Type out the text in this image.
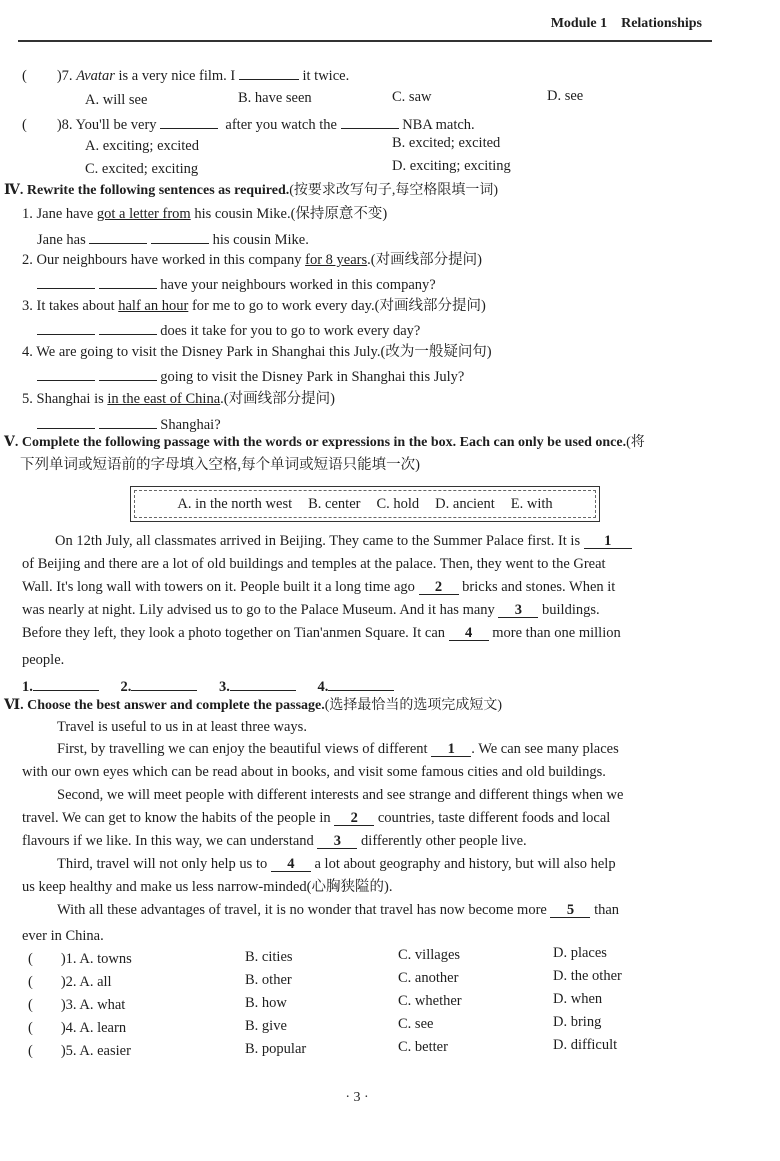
Module 1 Relationships
( )7. Avatar is a very nice film. I	it twice.
A. will see	B. have seen	C. saw	D. see
( )8. You'll be very	after you watch the	NBA match.
A. exciting; excited	B. excited; excited
C. excited; exciting	D. exciting; exciting
Ⅳ. Rewrite the following sentences as required.(按要求改写句子,每空格限填一词)
1. Jane have got a letter from his cousin Mike.(保持原意不变)
Jane has	his cousin Mike.
2. Our neighbours have worked in this company for 8 years.(对画线部分提问)
have your neighbours worked in this company?
3. It takes about half an hour for me to go to work every day.(对画线部分提问)
does it take for you to go to work every day?
4. We are going to visit the Disney Park in Shanghai this July.(改为一般疑问句)
going to visit the Disney Park in Shanghai this July?
5. Shanghai is in the east of China.(对画线部分提问)
Shanghai?
Ⅴ. Complete the following passage with the words or expressions in the box. Each can only be used once.(将
下列单词或短语前的字母填入空格,每个单词或短语只能填一次)
A. in the north west B. center C. hold D. ancient E. with
On 12th July, all classmates arrived in Beijing. They came to the Summer Palace first. It is 1
of Beijing and there are a lot of old buildings and temples at the palace. Then, they went to the Great
Wall. It's long wall with towers on it. People built it a long time ago 2 bricks and stones. When it
was nearly at night. Lily advised us to go to the Palace Museum. And it has many 3 buildings.
Before they left, they look a photo together on Tian'anmen Square. It can 4 more than one million
people.
1.	2.	3.	4.
Ⅵ. Choose the best answer and complete the passage.(选择最恰当的选项完成短文)
Travel is useful to us in at least three ways.
First, by travelling we can enjoy the beautiful views of different 1 . We can see many places
with our own eyes which can be read about in books, and visit some famous cities and old buildings.
Second, we will meet people with different interests and see strange and different things when we
travel. We can get to know the habits of the people in 2 countries, taste different foods and local
flavours if we like. In this way, we can understand 3 differently other people live.
Third, travel will not only help us to 4 a lot about geography and history, but will also help
us keep healthy and make us less narrow-minded(心胸狭隘的).
With all these advantages of travel, it is no wonder that travel has now become more 5 than
ever in China.
( )1. A. towns	B. cities	C. villages	D. places
( )2. A. all	B. other	C. another	D. the other
( )3. A. what	B. how	C. whether	D. when
( )4. A. learn	B. give	C. see	D. bring
( )5. A. easier	B. popular	C. better	D. difficult
· 3 ·
